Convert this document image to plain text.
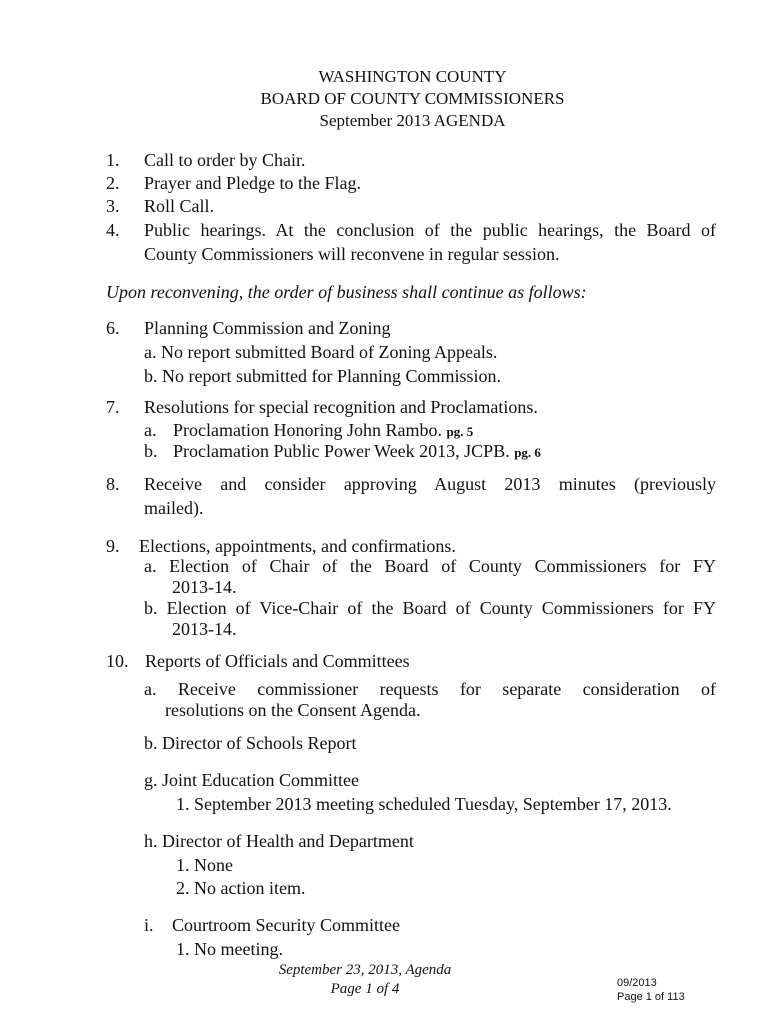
WASHINGTON COUNTY
BOARD OF COUNTY COMMISSIONERS
September 2013 AGENDA
1. Call to order by Chair.
2. Prayer and Pledge to the Flag.
3. Roll Call.
4. Public hearings. At the conclusion of the public hearings, the Board of
County Commissioners will reconvene in regular session.
Upon reconvening, the order of business shall continue as follows:
6. Planning Commission and Zoning
a. No report submitted Board of Zoning Appeals.
b. No report submitted for Planning Commission.
7. Resolutions for special recognition and Proclamations.
a. Proclamation Honoring John Rambo. pg. 5
b. Proclamation Public Power Week 2013, JCPB. pg. 6
8. Receive and consider approving August 2013 minutes (previously
mailed).
9. Elections, appointments, and confirmations.
a. Election of Chair of the Board of County Commissioners for FY
2013-14.
b. Election of Vice-Chair of the Board of County Commissioners for FY
2013-14.
10. Reports of Officials and Committees
a. Receive commissioner requests for separate consideration of
resolutions on the Consent Agenda.
b. Director of Schools Report
g. Joint Education Committee
1. September 2013 meeting scheduled Tuesday, September 17, 2013.
h. Director of Health and Department
1. None
2. No action item.
i. Courtroom Security Committee
1. No meeting.
September 23, 2013, Agenda
Page 1 of 4	09/2013
Page 1 of 113
